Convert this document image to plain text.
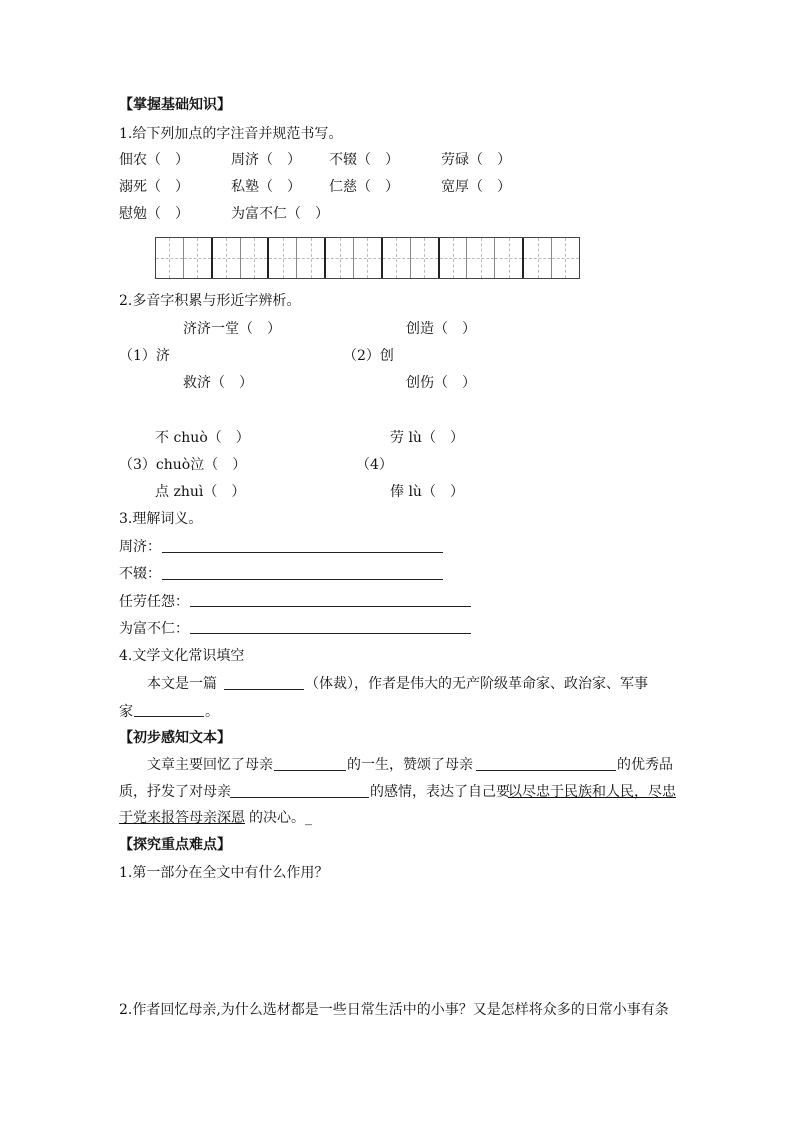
【掌握基础知识】
1.给下列加点的字注音并规范书写。
佃农（　）	周济（　） 不辍（　）	劳碌（　）
溺死（　）	私塾（　） 仁慈（　）	宽厚（　）
慰勉（　）	为富不仁（　）
2.多音字积累与形近字辨析。
济济一堂（　）	创造（　）
（1）济	（2）创
救济（　）	创伤（　）
不 chuò（　）	劳 lù（　）
（3）chuò泣（　）	（4）
点 zhuì（　）	俸 lù（　）
3.理解词义。
周济：
不辍：
任劳任怨：
为富不仁：
4.文学文化常识填空
本文是一篇	（体裁），作者是伟大的无产阶级革命家、政治家、军事
家	。
【初步感知文本】
文章主要回忆了母亲	的一生，赞颂了母亲	的优秀品
质，抒发了对母亲	的感情，表达了自己要
以尽忠于民族和人民，尽忠
于党来报答母亲深恩 的决心。_
【探究重点难点】
1.第一部分在全文中有什么作用？
2.作者回忆母亲,为什么选材都是一些日常生活中的小事？又是怎样将众多的日常小事有条
